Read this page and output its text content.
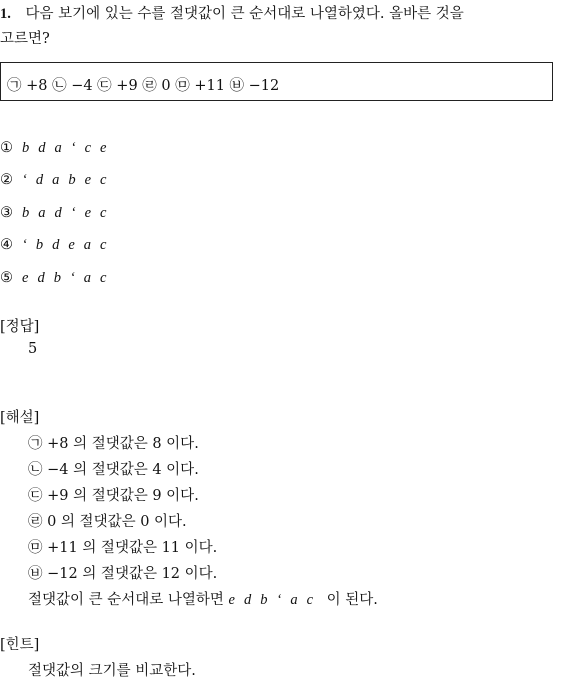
1. 다음 보기에 있는 수를 절댓값이 큰 순서대로 나열하였다. 올바른 것을
고르면?
㉠ +8 ㉡ −4 ㉢ +9 ㉣ 0 ㉤ +11 ㉥ −12
① b d a ‘ c e
② ‘ d a b e c
③ b a d ‘ e c
④ ‘ b d e a c
⑤ e d b ‘ a c
[정답]
5
[해설]
㉠ +8 의 절댓값은 8 이다.
㉡ −4 의 절댓값은 4 이다.
㉢ +9 의 절댓값은 9 이다.
㉣ 0 의 절댓값은 0 이다.
㉤ +11 의 절댓값은 11 이다.
㉥ −12 의 절댓값은 12 이다.
절댓값이 큰 순서대로 나열하면 e d b ‘ a c 이 된다.
[힌트]
절댓값의 크기를 비교한다.
